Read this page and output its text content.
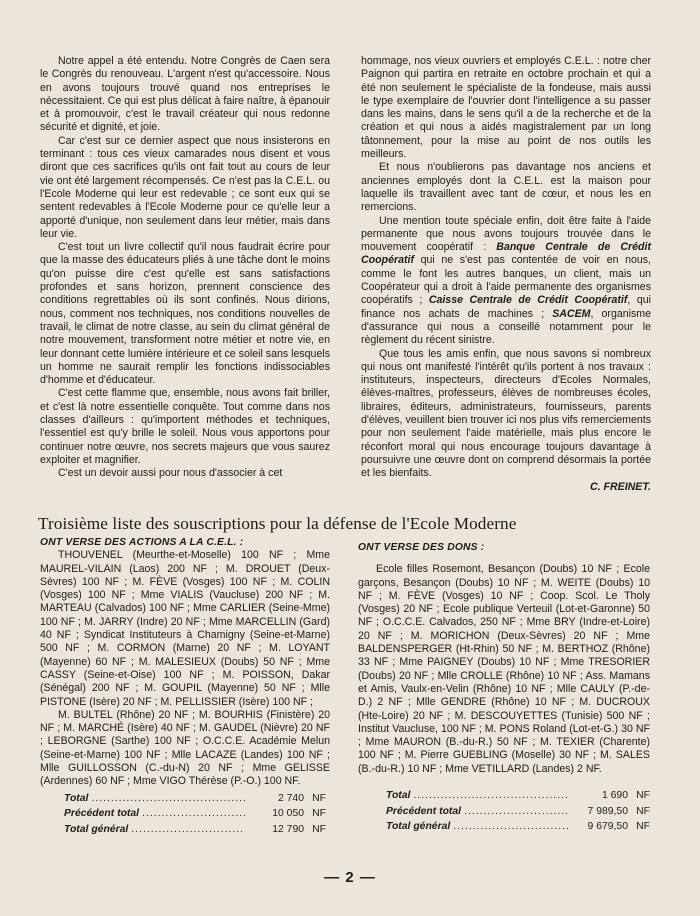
Notre appel a été entendu. Notre Congrès de Caen sera le Congrès du renouveau. L'argent n'est qu'accessoire. Nous en avons toujours trouvé quand nos entreprises le nécessitaient. Ce qui est plus délicat à faire naître, à épanouir et à promouvoir, c'est le travail créateur qui nous redonne sécurité et dignité, et joie.

Car c'est sur ce dernier aspect que nous insisterons en terminant : tous ces vieux camarades nous disent et vous diront que ces sacrifices qu'ils ont fait tout au cours de leur vie ont été largement récompensés. Ce n'est pas la C.E.L. ou l'Ecole Moderne qui leur est redevable ; ce sont eux qui se sentent redevables à l'Ecole Moderne pour ce qu'elle leur a apporté d'unique, non seulement dans leur métier, mais dans leur vie.

C'est tout un livre collectif qu'il nous faudrait écrire pour que la masse des éducateurs pliés à une tâche dont le moins qu'on puisse dire c'est qu'elle est sans satisfactions profondes et sans horizon, prennent conscience des conditions regrettables où ils sont confinés. Nous dirions, nous, comment nos techniques, nos conditions nouvelles de travail, le climat de notre classe, au sein du climat général de notre mouvement, transforment notre métier et notre vie, en leur donnant cette lumière intérieure et ce soleil sans lesquels un homme ne saurait remplir les fonctions indissociables d'homme et d'éducateur.

C'est cette flamme que, ensemble, nous avons fait briller, et c'est là notre essentielle conquête. Tout comme dans nos classes d'ailleurs : qu'importent méthodes et techniques, l'essentiel est qu'y brille le soleil. Nous vous apportons pour continuer notre œuvre, nos secrets majeurs que vous saurez exploiter et magnifier.

C'est un devoir aussi pour nous d'associer à cet

hommage, nos vieux ouvriers et employés C.E.L. : notre cher Paignon qui partira en retraite en octobre prochain et qui a été non seulement le spécialiste de la fondeuse, mais aussi le type exemplaire de l'ouvrier dont l'intelligence a su passer dans les mains, dans le sens qu'il a de la recherche et de la création et qui nous a aidés magistralement par un long tâtonnement, pour la mise au point de nos outils les meilleurs.

Et nous n'oublierons pas davantage nos anciens et anciennes employés dont la C.E.L. est la maison pour laquelle ils travaillent avec tant de cœur, et nous les en remercions.

Une mention toute spéciale enfin, doit être faite à l'aide permanente que nous avons toujours trouvée dans le mouvement coopératif : Banque Centrale de Crédit Coopératif qui ne s'est pas contentée de voir en nous, comme le font les autres banques, un client, mais un Coopérateur qui a droit à l'aide permanente des organismes coopératifs ; Caisse Centrale de Crédit Coopératif, qui finance nos achats de machines ; SACEM, organisme d'assurance qui nous a conseillé notamment pour le règlement du récent sinistre.

Que tous les amis enfin, que nous savons si nombreux qui nous ont manifesté l'intérêt qu'ils portent à nos travaux : instituteurs, inspecteurs, directeurs d'Ecoles Normales, élèves-maîtres, professeurs, élèves de nombreuses écoles, libraires, éditeurs, administrateurs, fournisseurs, parents d'élèves, veuillent bien trouver ici nos plus vifs remerciements pour non seulement l'aide matérielle, mais plus encore le réconfort moral qui nous encourage toujours davantage à poursuivre une œuvre dont on comprend désormais la portée et les bienfaits.

C. FREINET.

Troisième liste des souscriptions pour la défense de l'Ecole Moderne

ONT VERSE DES ACTIONS A LA C.E.L. :

THOUVENEL (Meurthe-et-Moselle) 100 NF ; Mme MAUREL-VILAIN (Laos) 200 NF ; M. DROUET (Deux-Sèvres) 100 NF ; M. FÈVE (Vosges) 100 NF ; M. COLIN (Vosges) 100 NF ; Mme VIALIS (Vaucluse) 200 NF ; M. MARTEAU (Calvados) 100 NF ; Mme CARLIER (Seine-Mme) 100 NF ; M. JARRY (Indre) 20 NF ; Mme MARCELLIN (Gard) 40 NF ; Syndicat Instituteurs à Chamigny (Seine-et-Marne) 500 NF ; M. CORMON (Marne) 20 NF ; M. LOYANT (Mayenne) 60 NF ; M. MALESIEUX (Doubs) 50 NF ; Mme CASSY (Seine-et-Oise) 100 NF ; M. POISSON, Dakar (Sénégal) 200 NF ; M. GOUPIL (Mayenne) 50 NF ; Mlle PISTONE (Isère) 20 NF ; M. PELLISSIER (Isère) 100 NF ;

M. BULTEL (Rhône) 20 NF ; M. BOURHIS (Finistère) 20 NF ; M. MARCHÉ (Isère) 40 NF ; M. GAUDEL (Nièvre) 20 NF ; LEBORGNE (Sarthe) 100 NF ; O.C.C.E. Académie Melun (Seine-et-Marne) 100 NF ; Mlle LACAZE (Landes) 100 NF ; Mlle GUILLOSSON (C.-du-N) 20 NF ; Mme GELISSE (Ardennes) 60 NF ; Mme VIGO Thérèse (P.-O.) 100 NF.

Total .....	2 740 NF
Précédent total .....	10 050 NF
Total général .....	12 790 NF

ONT VERSE DES DONS :

Ecole filles Rosemont, Besançon (Doubs) 10 NF ; Ecole garçons, Besançon (Doubs) 10 NF ; M. WEITE (Doubs) 10 NF ; M. FÈVE (Vosges) 10 NF ; Coop. Scol. Le Tholy (Vosges) 20 NF ; Ecole publique Verteuil (Lot-et-Garonne) 50 NF ; O.C.C.E. Calvados, 250 NF ; Mme BRY (Indre-et-Loire) 20 NF ; M. MORICHON (Deux-Sèvres) 20 NF ; Mme BALDENSPERGER (Ht-Rhin) 50 NF ; M. BERTHOZ (Rhône) 33 NF ; Mme PAIGNEY (Doubs) 10 NF ; Mme TRESORIER (Doubs) 20 NF ; Mlle CROLLE (Rhône) 10 NF ; Ass. Mamans et Amis, Vaulx-en-Velin (Rhône) 10 NF ; Mlle CAULY (P.-de-D.) 2 NF ; Mlle GENDRE (Rhône) 10 NF ; M. DUCROUX (Hte-Loire) 20 NF ; M. DESCOUYETTES (Tunisie) 500 NF ; Institut Vaucluse, 100 NF ; M. PONS Roland (Lot-et-G.) 30 NF ; Mme MAURON (B.-du-R.) 50 NF ; M. TEXIER (Charente) 100 NF ; M. Pierre GUEBLING (Moselle) 30 NF ; M. SALES (B.-du-R.) 10 NF ; Mme VETILLARD (Landes) 2 NF.

Total .....	1 690 NF
Précédent total .....	7 989,50 NF
Total général .....	9 679,50 NF
— 2 —
